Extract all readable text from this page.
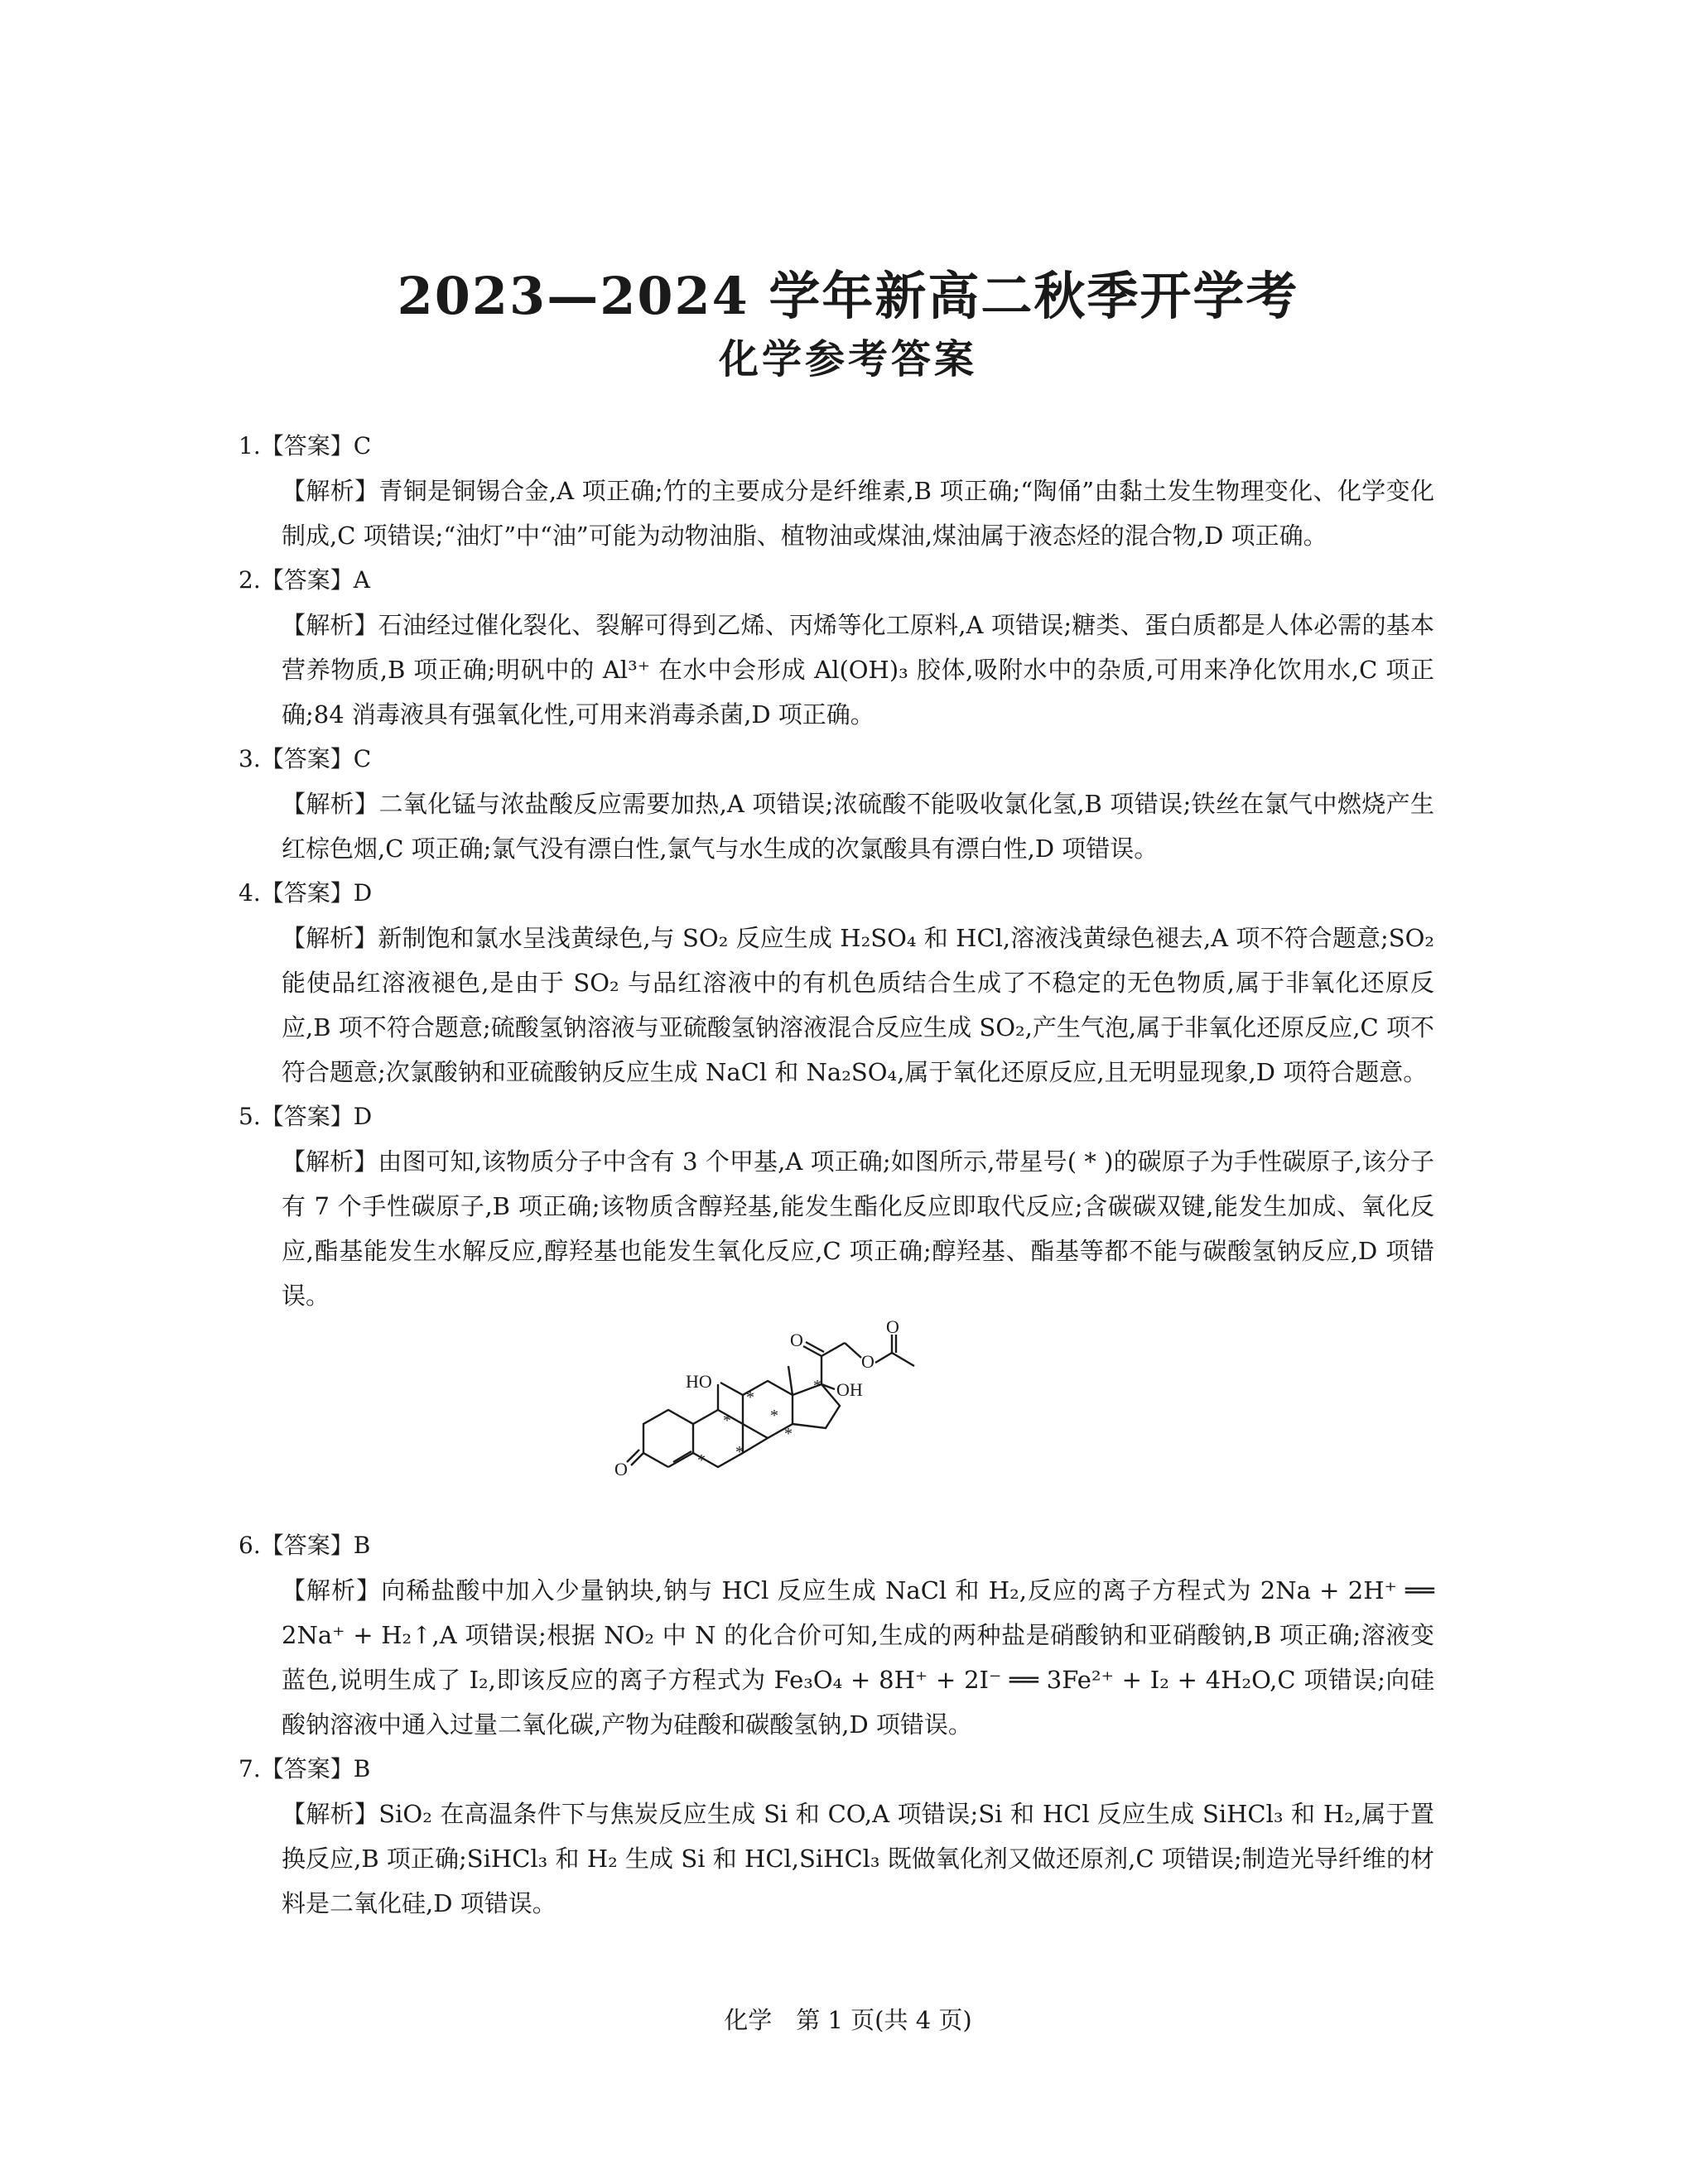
2023—2024 学年新高二秋季开学考
化学参考答案
1.【答案】C
【解析】青铜是铜锡合金,A 项正确;竹的主要成分是纤维素,B 项正确;“陶俑”由黏土发生物理变化、化学变化制成,C 项错误;“油灯”中“油”可能为动物油脂、植物油或煤油,煤油属于液态烃的混合物,D 项正确。
2.【答案】A
【解析】石油经过催化裂化、裂解可得到乙烯、丙烯等化工原料,A 项错误;糖类、蛋白质都是人体必需的基本营养物质,B 项正确;明矾中的 Al³⁺ 在水中会形成 Al(OH)₃ 胶体,吸附水中的杂质,可用来净化饮用水,C 项正确;84 消毒液具有强氧化性,可用来消毒杀菌,D 项正确。
3.【答案】C
【解析】二氧化锰与浓盐酸反应需要加热,A 项错误;浓硫酸不能吸收氯化氢,B 项错误;铁丝在氯气中燃烧产生红棕色烟,C 项正确;氯气没有漂白性,氯气与水生成的次氯酸具有漂白性,D 项错误。
4.【答案】D
【解析】新制饱和氯水呈浅黄绿色,与 SO₂ 反应生成 H₂SO₄ 和 HCl,溶液浅黄绿色褪去,A 项不符合题意;SO₂ 能使品红溶液褪色,是由于 SO₂ 与品红溶液中的有机色质结合生成了不稳定的无色物质,属于非氧化还原反应,B 项不符合题意;硫酸氢钠溶液与亚硫酸氢钠溶液混合反应生成 SO₂,产生气泡,属于非氧化还原反应,C 项不符合题意;次氯酸钠和亚硫酸钠反应生成 NaCl 和 Na₂SO₄,属于氧化还原反应,且无明显现象,D 项符合题意。
5.【答案】D
【解析】由图可知,该物质分子中含有 3 个甲基,A 项正确;如图所示,带星号( * )的碳原子为手性碳原子,该分子有 7 个手性碳原子,B 项正确;该物质含醇羟基,能发生酯化反应即取代反应;含碳碳双键,能发生加成、氧化反应,酯基能发生水解反应,醇羟基也能发生氧化反应,C 项正确;醇羟基、酯基等都不能与碳酸氢钠反应,D 项错误。
HO	OH
O
O
O
O
*
* *
*
* *
*
6.【答案】B
【解析】向稀盐酸中加入少量钠块,钠与 HCl 反应生成 NaCl 和 H₂,反应的离子方程式为 2Na + 2H⁺ ══ 2Na⁺ + H₂↑,A 项错误;根据 NO₂ 中 N 的化合价可知,生成的两种盐是硝酸钠和亚硝酸钠,B 项正确;溶液变蓝色,说明生成了 I₂,即该反应的离子方程式为 Fe₃O₄ + 8H⁺ + 2I⁻ ══ 3Fe²⁺ + I₂ + 4H₂O,C 项错误;向硅酸钠溶液中通入过量二氧化碳,产物为硅酸和碳酸氢钠,D 项错误。
7.【答案】B
【解析】SiO₂ 在高温条件下与焦炭反应生成 Si 和 CO,A 项错误;Si 和 HCl 反应生成 SiHCl₃ 和 H₂,属于置换反应,B 项正确;SiHCl₃ 和 H₂ 生成 Si 和 HCl,SiHCl₃ 既做氧化剂又做还原剂,C 项错误;制造光导纤维的材料是二氧化硅,D 项错误。
化学　第 1 页(共 4 页)
